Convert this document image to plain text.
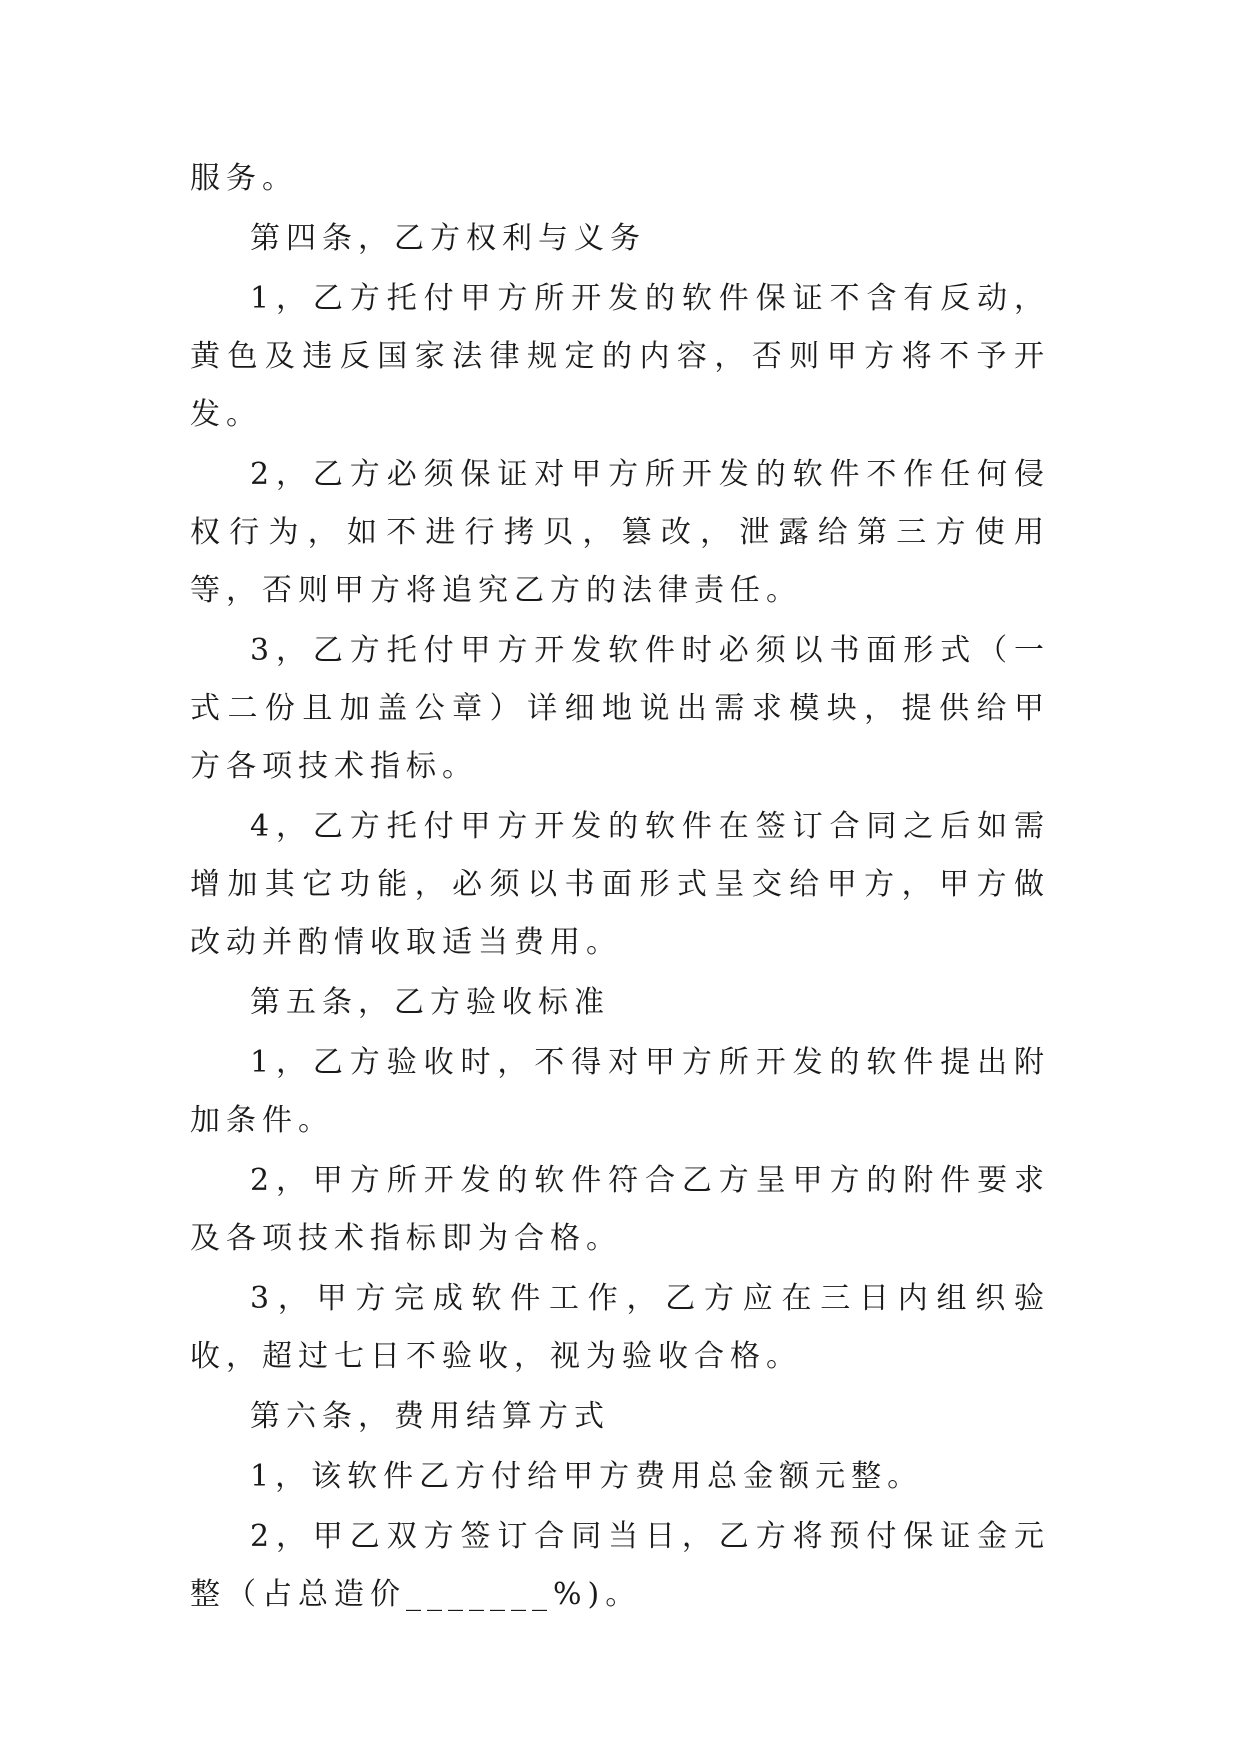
服务。

第四条，乙方权利与义务

1，乙方托付甲方所开发的软件保证不含有反动，黄色及违反国家法律规定的内容，否则甲方将不予开发。

2，乙方必须保证对甲方所开发的软件不作任何侵权行为，如不进行拷贝，篡改，泄露给第三方使用等，否则甲方将追究乙方的法律责任。

3，乙方托付甲方开发软件时必须以书面形式（一式二份且加盖公章）详细地说出需求模块，提供给甲方各项技术指标。

4，乙方托付甲方开发的软件在签订合同之后如需增加其它功能，必须以书面形式呈交给甲方，甲方做改动并酌情收取适当费用。

第五条，乙方验收标准

1，乙方验收时，不得对甲方所开发的软件提出附加条件。

2，甲方所开发的软件符合乙方呈甲方的附件要求及各项技术指标即为合格。

3，甲方完成软件工作，乙方应在三日内组织验收，超过七日不验收，视为验收合格。

第六条，费用结算方式

1，该软件乙方付给甲方费用总金额元整。

2，甲乙双方签订合同当日，乙方将预付保证金元整（占总造价_______%)。
